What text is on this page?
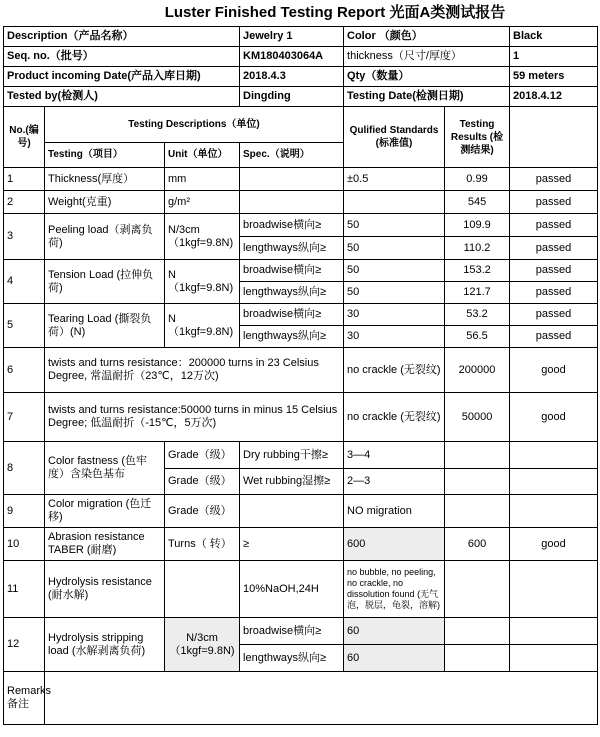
Luster Finished Testing Report 光面A类测试报告
Description（产品名称）			Jewelry 1	Color （颜色）		Black
Seq. no.（批号）			KM180403064A	thickness（尺寸/厚度）		1
Product incoming Date(产品入库日期)			2018.4.3	Qty（数量）		59 meters
Tested by(检测人)			Dingding	Testing Date(检测日期)		2018.4.12
No.(编号)	Testing Descriptions（单位)			Qulified Standards (标准值)	Testing Results (检测结果)	
	Testing（项目）	Unit（单位）	Spec.（说明）			
1	Thickness(厚度）	mm		±0.5	0.99	passed
2	Weight(克重)	g/m²			545	passed
3	Peeling load（剥离负荷)	N/3cm （1kgf=9.8N)	broadwise横向≥	50	109.9	passed
			lengthways纵向≥	50	110.2	passed
4	Tension Load (拉伸负荷)	N （1kgf=9.8N)	broadwise横向≥	50	153.2	passed
			lengthways纵向≥	50	121.7	passed
5	Tearing Load (撕裂负荷）(N)	N （1kgf=9.8N)	broadwise横向≥	30	53.2	passed
			lengthways纵向≥	30	56.5	passed
6	twists and turns resistance：200000 turns in 23 Celsius Degree, 常温耐折（23℃，12万次)			no crackle (无裂纹)	200000	good
7	twists and turns resistance:50000 turns in minus 15 Celsius Degree; 低温耐折（-15℃，5万次)			no crackle (无裂纹)	50000	good
8	Color fastness (色牢度）含染色基布	Grade（级）	Dry rubbing干擦≥	3—4		
		Grade（级）	Wet rubbing湿擦≥	2—3		
9	Color migration (色迁移)	Grade（级）		NO migration		
10	Abrasion resistance TABER (耐磨)	Turns（ 转）	≥	600	600	good
11	Hydrolysis resistance (耐水解)		10%NaOH,24H	no bubble, no peeling, no crackle, no dissolution found (无气泡，脱层，龟裂，溶解)		
12	Hydrolysis stripping load (水解剥离负荷)	N/3cm （1kgf=9.8N)	broadwise横向≥	60		
			lengthways纵向≥	60		
Remarks 备注						
